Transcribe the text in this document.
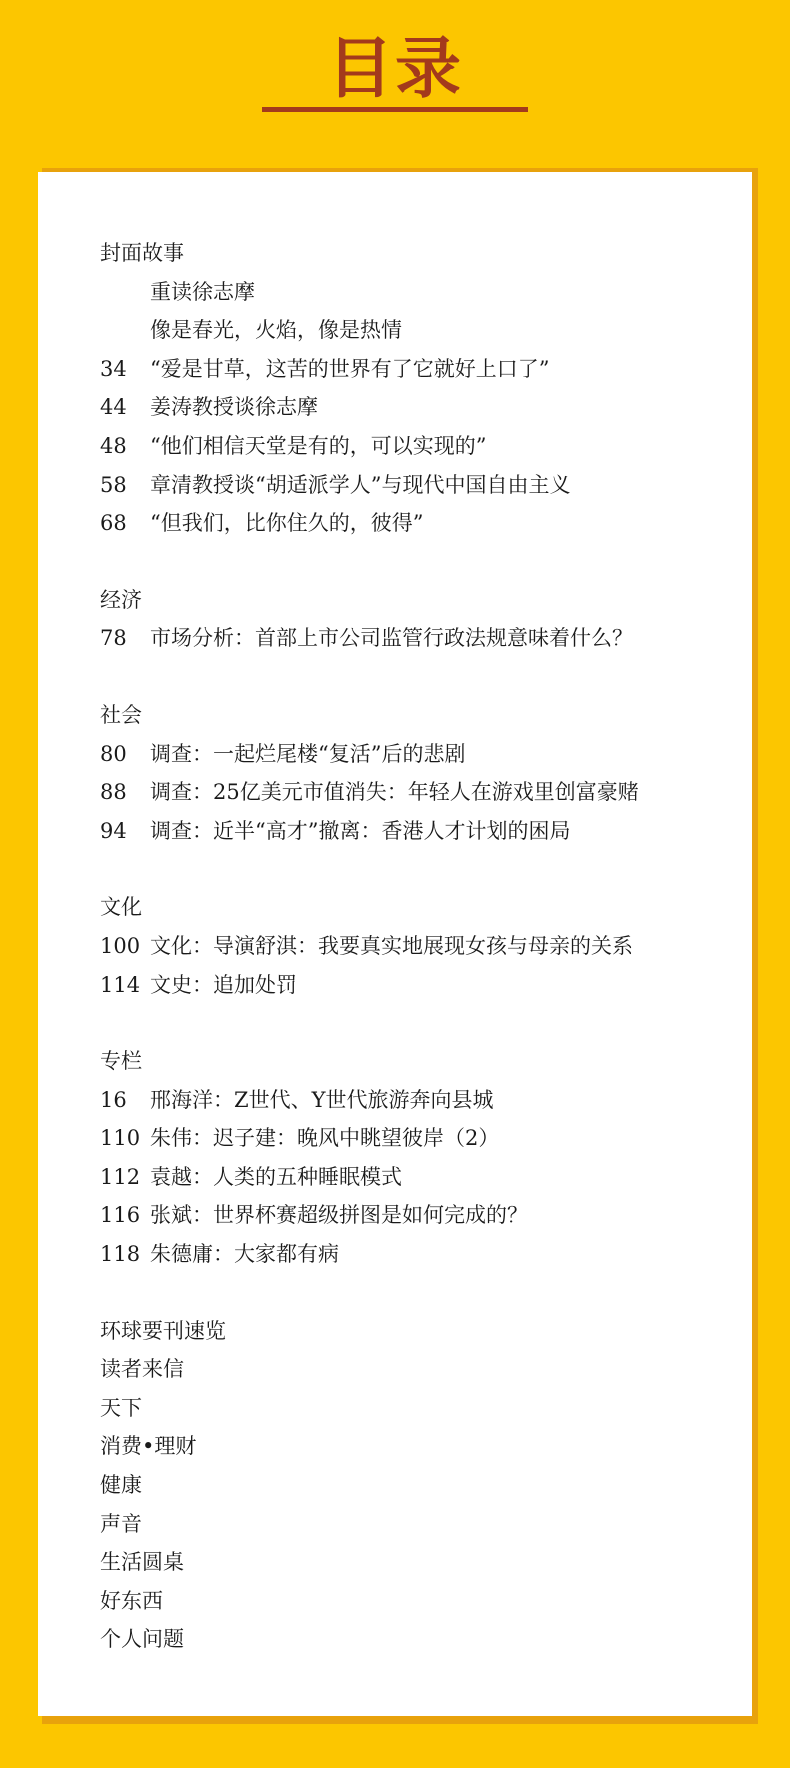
目录
封面故事
重读徐志摩
像是春光，火焰，像是热情
34	“爱是甘草，这苦的世界有了它就好上口了”
44	姜涛教授谈徐志摩
48	“他们相信天堂是有的，可以实现的”
58	章清教授谈“胡适派学人”与现代中国自由主义
68	“但我们，比你住久的，彼得”
经济
78	市场分析：首部上市公司监管行政法规意味着什么？
社会
80	调查：一起烂尾楼“复活”后的悲剧
88	调查：25亿美元市值消失：年轻人在游戏里创富豪赌
94	调查：近半“高才”撤离：香港人才计划的困局
文化
100 文化：导演舒淇：我要真实地展现女孩与母亲的关系
114 文史：追加处罚
专栏
16	邢海洋：Z世代、Y世代旅游奔向县城
110 朱伟：迟子建：晚风中眺望彼岸（2）
112 袁越：人类的五种睡眠模式
116 张斌：世界杯赛超级拼图是如何完成的？
118 朱德庸：大家都有病
环球要刊速览
读者来信
天下
消费•理财
健康
声音
生活圆桌
好东西
个人问题
